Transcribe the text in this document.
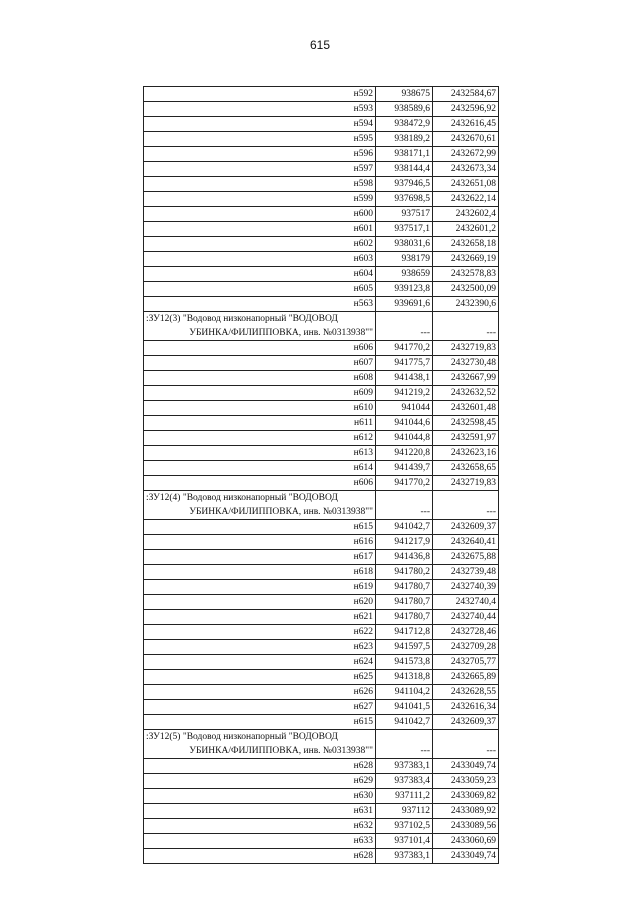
615
н592	938675	2432584,67
н593	938589,6	2432596,92
н594	938472,9	2432616,45
н595	938189,2	2432670,61
н596	938171,1	2432672,99
н597	938144,4	2432673,34
н598	937946,5	2432651,08
н599	937698,5	2432622,14
н600	937517	2432602,4
н601	937517,1	2432601,2
н602	938031,6	2432658,18
н603	938179	2432669,19
н604	938659	2432578,83
н605	939123,8	2432500,09
н563	939691,6	2432390,6
:ЗУ12(3) "Водовод низконапорный "ВОДОВОД
УБИНКА/ФИЛИППОВКА, инв. №0313938""	---	---
н606	941770,2	2432719,83
н607	941775,7	2432730,48
н608	941438,1	2432667,99
н609	941219,2	2432632,52
н610	941044	2432601,48
н611	941044,6	2432598,45
н612	941044,8	2432591,97
н613	941220,8	2432623,16
н614	941439,7	2432658,65
н606	941770,2	2432719,83
:ЗУ12(4) "Водовод низконапорный "ВОДОВОД
УБИНКА/ФИЛИППОВКА, инв. №0313938""	---	---
н615	941042,7	2432609,37
н616	941217,9	2432640,41
н617	941436,8	2432675,88
н618	941780,2	2432739,48
н619	941780,7	2432740,39
н620	941780,7	2432740,4
н621	941780,7	2432740,44
н622	941712,8	2432728,46
н623	941597,5	2432709,28
н624	941573,8	2432705,77
н625	941318,8	2432665,89
н626	941104,2	2432628,55
н627	941041,5	2432616,34
н615	941042,7	2432609,37
:ЗУ12(5) "Водовод низконапорный "ВОДОВОД
УБИНКА/ФИЛИППОВКА, инв. №0313938""	---	---
н628	937383,1	2433049,74
н629	937383,4	2433059,23
н630	937111,2	2433069,82
н631	937112	2433089,92
н632	937102,5	2433089,56
н633	937101,4	2433060,69
н628	937383,1	2433049,74
